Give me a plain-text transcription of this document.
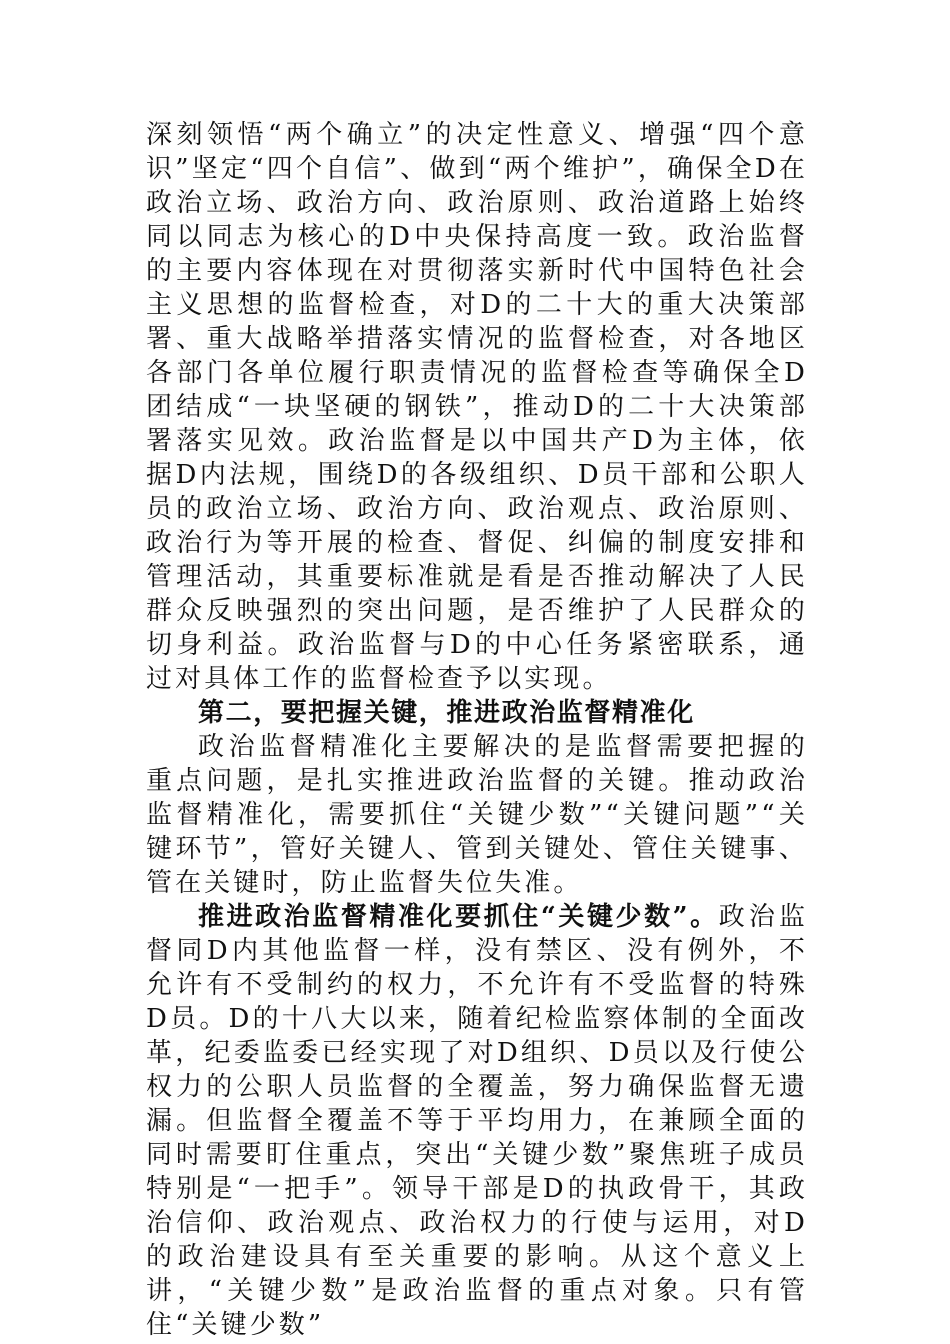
深刻领悟“两个确立”的决定性意义、增强“四个意识”坚定“四个自信”、做到“两个维护”，确保全D在政治立场、政治方向、政治原则、政治道路上始终同以同志为核心的D中央保持高度一致。政治监督的主要内容体现在对贯彻落实新时代中国特色社会主义思想的监督检查，对D的二十大的重大决策部署、重大战略举措落实情况的监督检查，对各地区各部门各单位履行职责情况的监督检查等确保全D团结成“一块坚硬的钢铁”，推动D的二十大决策部署落实见效。政治监督是以中国共产D为主体，依据D内法规，围绕D的各级组织、D员干部和公职人员的政治立场、政治方向、政治观点、政治原则、政治行为等开展的检查、督促、纠偏的制度安排和管理活动，其重要标准就是看是否推动解决了人民群众反映强烈的突出问题，是否维护了人民群众的切身利益。政治监督与D的中心任务紧密联系，通过对具体工作的监督检查予以实现。

第二，要把握关键，推进政治监督精准化

政治监督精准化主要解决的是监督需要把握的重点问题，是扎实推进政治监督的关键。推动政治监督精准化，需要抓住“关键少数”“关键问题”“关键环节”，管好关键人、管到关键处、管住关键事、管在关键时，防止监督失位失准。

推进政治监督精准化要抓住“关键少数”。政治监督同D内其他监督一样，没有禁区、没有例外，不允许有不受制约的权力，不允许有不受监督的特殊D员。D的十八大以来，随着纪检监察体制的全面改革，纪委监委已经实现了对D组织、D员以及行使公权力的公职人员监督的全覆盖，努力确保监督无遗漏。但监督全覆盖不等于平均用力，在兼顾全面的同时需要盯住重点，突出“关键少数”聚焦班子成员特别是“一把手”。领导干部是D的执政骨干，其政治信仰、政治观点、政治权力的行使与运用，对D的政治建设具有至关重要的影响。从这个意义上讲，“关键少数”是政治监督的重点对象。只有管住“关键少数”
